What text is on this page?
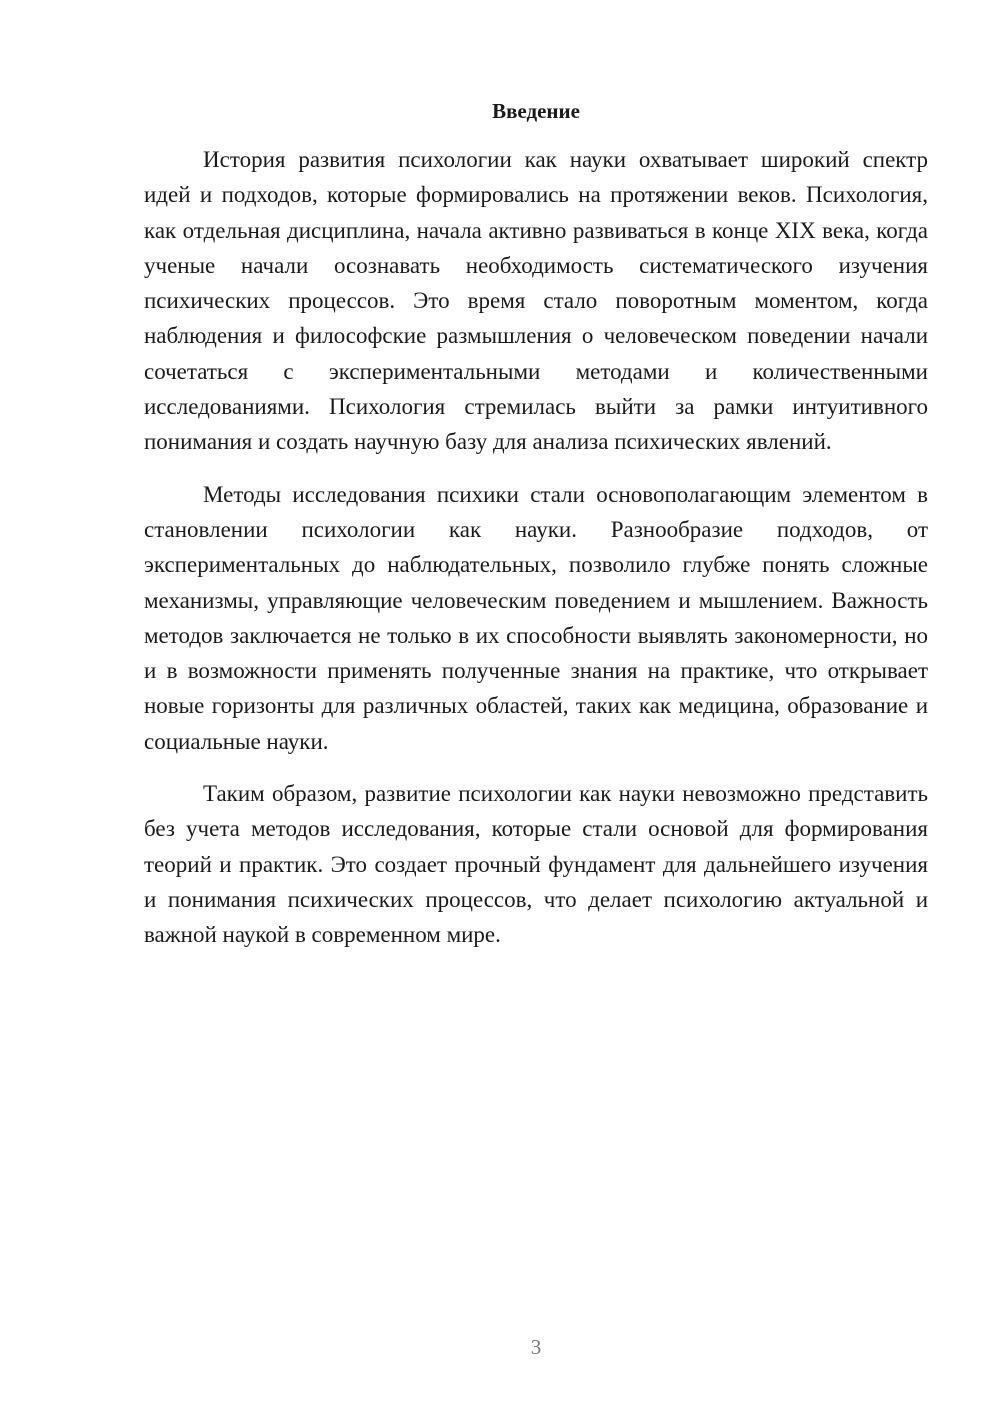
Введение

История развития психологии как науки охватывает широкий спектр идей и подходов, которые формировались на протяжении веков. Психология, как отдельная дисциплина, начала активно развиваться в конце XIX века, когда ученые начали осознавать необходимость систематического изучения психических процессов. Это время стало поворотным моментом, когда наблюдения и философские размышления о человеческом поведении начали сочетаться с экспериментальными методами и количественными исследованиями. Психология стремилась выйти за рамки интуитивного понимания и создать научную базу для анализа психических явлений.

Методы исследования психики стали основополагающим элементом в становлении психологии как науки. Разнообразие подходов, от экспериментальных до наблюдательных, позволило глубже понять сложные механизмы, управляющие человеческим поведением и мышлением. Важность методов заключается не только в их способности выявлять закономерности, но и в возможности применять полученные знания на практике, что открывает новые горизонты для различных областей, таких как медицина, образование и социальные науки.

Таким образом, развитие психологии как науки невозможно представить без учета методов исследования, которые стали основой для формирования теорий и практик. Это создает прочный фундамент для дальнейшего изучения и понимания психических процессов, что делает психологию актуальной и важной наукой в современном мире.

3
